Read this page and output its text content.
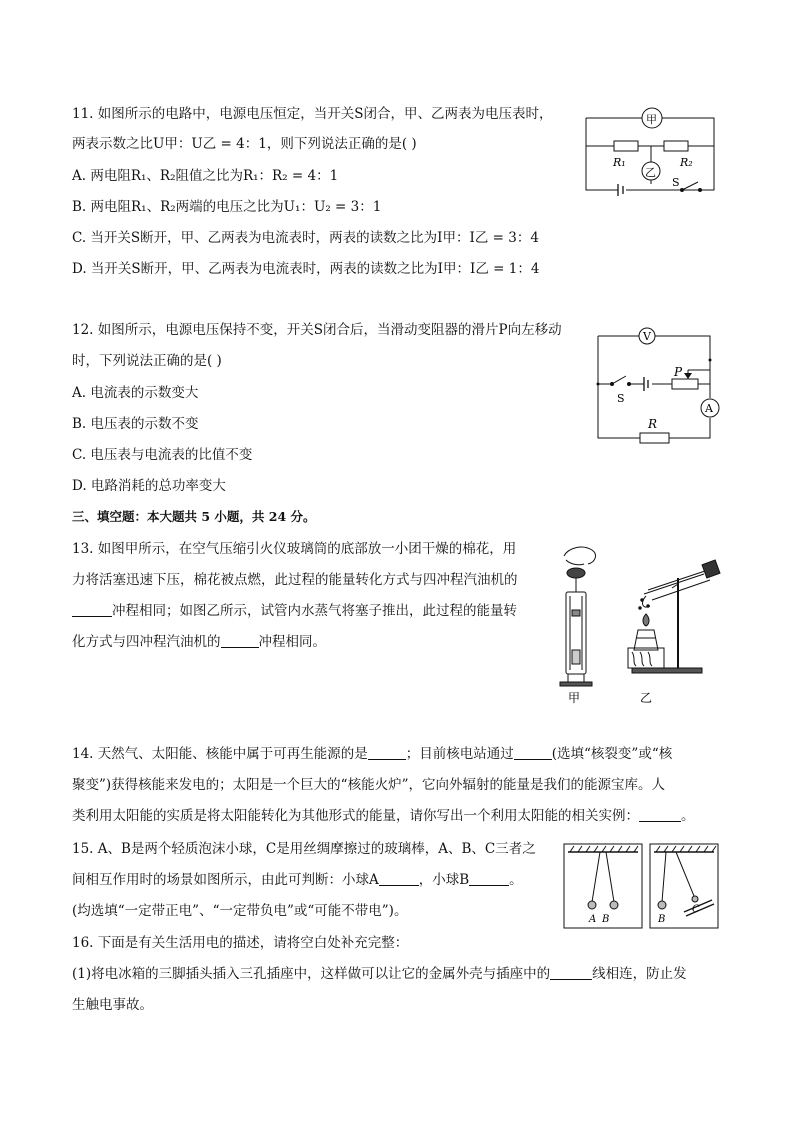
11. 如图所示的电路中，电源电压恒定，当开关S闭合，甲、乙两表为电压表时，
两表示数之比U甲：U乙 = 4：1，则下列说法正确的是( )
A. 两电阻R₁、R₂阻值之比为R₁：R₂ = 4：1
B. 两电阻R₁、R₂两端的电压之比为U₁：U₂ = 3：1
C. 当开关S断开，甲、乙两表为电流表时，两表的读数之比为I甲：I乙 = 3：4
D. 当开关S断开，甲、乙两表为电流表时，两表的读数之比为I甲：I乙 = 1：4
甲
乙
R₁	R₂
S
12. 如图所示，电源电压保持不变，开关S闭合后，当滑动变阻器的滑片P向左移动
时，下列说法正确的是( )
A. 电流表的示数变大
B. 电压表的示数不变
C. 电压表与电流表的比值不变
D. 电路消耗的总功率变大
V
A
P
S
R
三、填空题：本大题共 5 小题，共 24 分。
13. 如图甲所示，在空气压缩引火仪玻璃筒的底部放一小团干燥的棉花，用
力将活塞迅速下压，棉花被点燃，此过程的能量转化方式与四冲程汽油机的
冲程相同；如图乙所示，试管内水蒸气将塞子推出，此过程的能量转
化方式与四冲程汽油机的	冲程相同。
甲	乙
14. 天然气、太阳能、核能中属于可再生能源的是	；目前核电站通过	(选填“核裂变”或“核
聚变”)获得核能来发电的；太阳是一个巨大的“核能火炉”，它向外辐射的能量是我们的能源宝库。人
类利用太阳能的实质是将太阳能转化为其他形式的能量，请你写出一个利用太阳能的相关实例：	。
15. A、B是两个轻质泡沫小球，C是用丝绸摩擦过的玻璃棒，A、B、C三者之
间相互作用时的场景如图所示，由此可判断：小球A	，小球B	。
(均选填“一定带正电”、“一定带负电”或“可能不带电”)。
A B	B
C
16. 下面是有关生活用电的描述，请将空白处补充完整：
(1)将电冰箱的三脚插头插入三孔插座中，这样做可以让它的金属外壳与插座中的	线相连，防止发
生触电事故。
